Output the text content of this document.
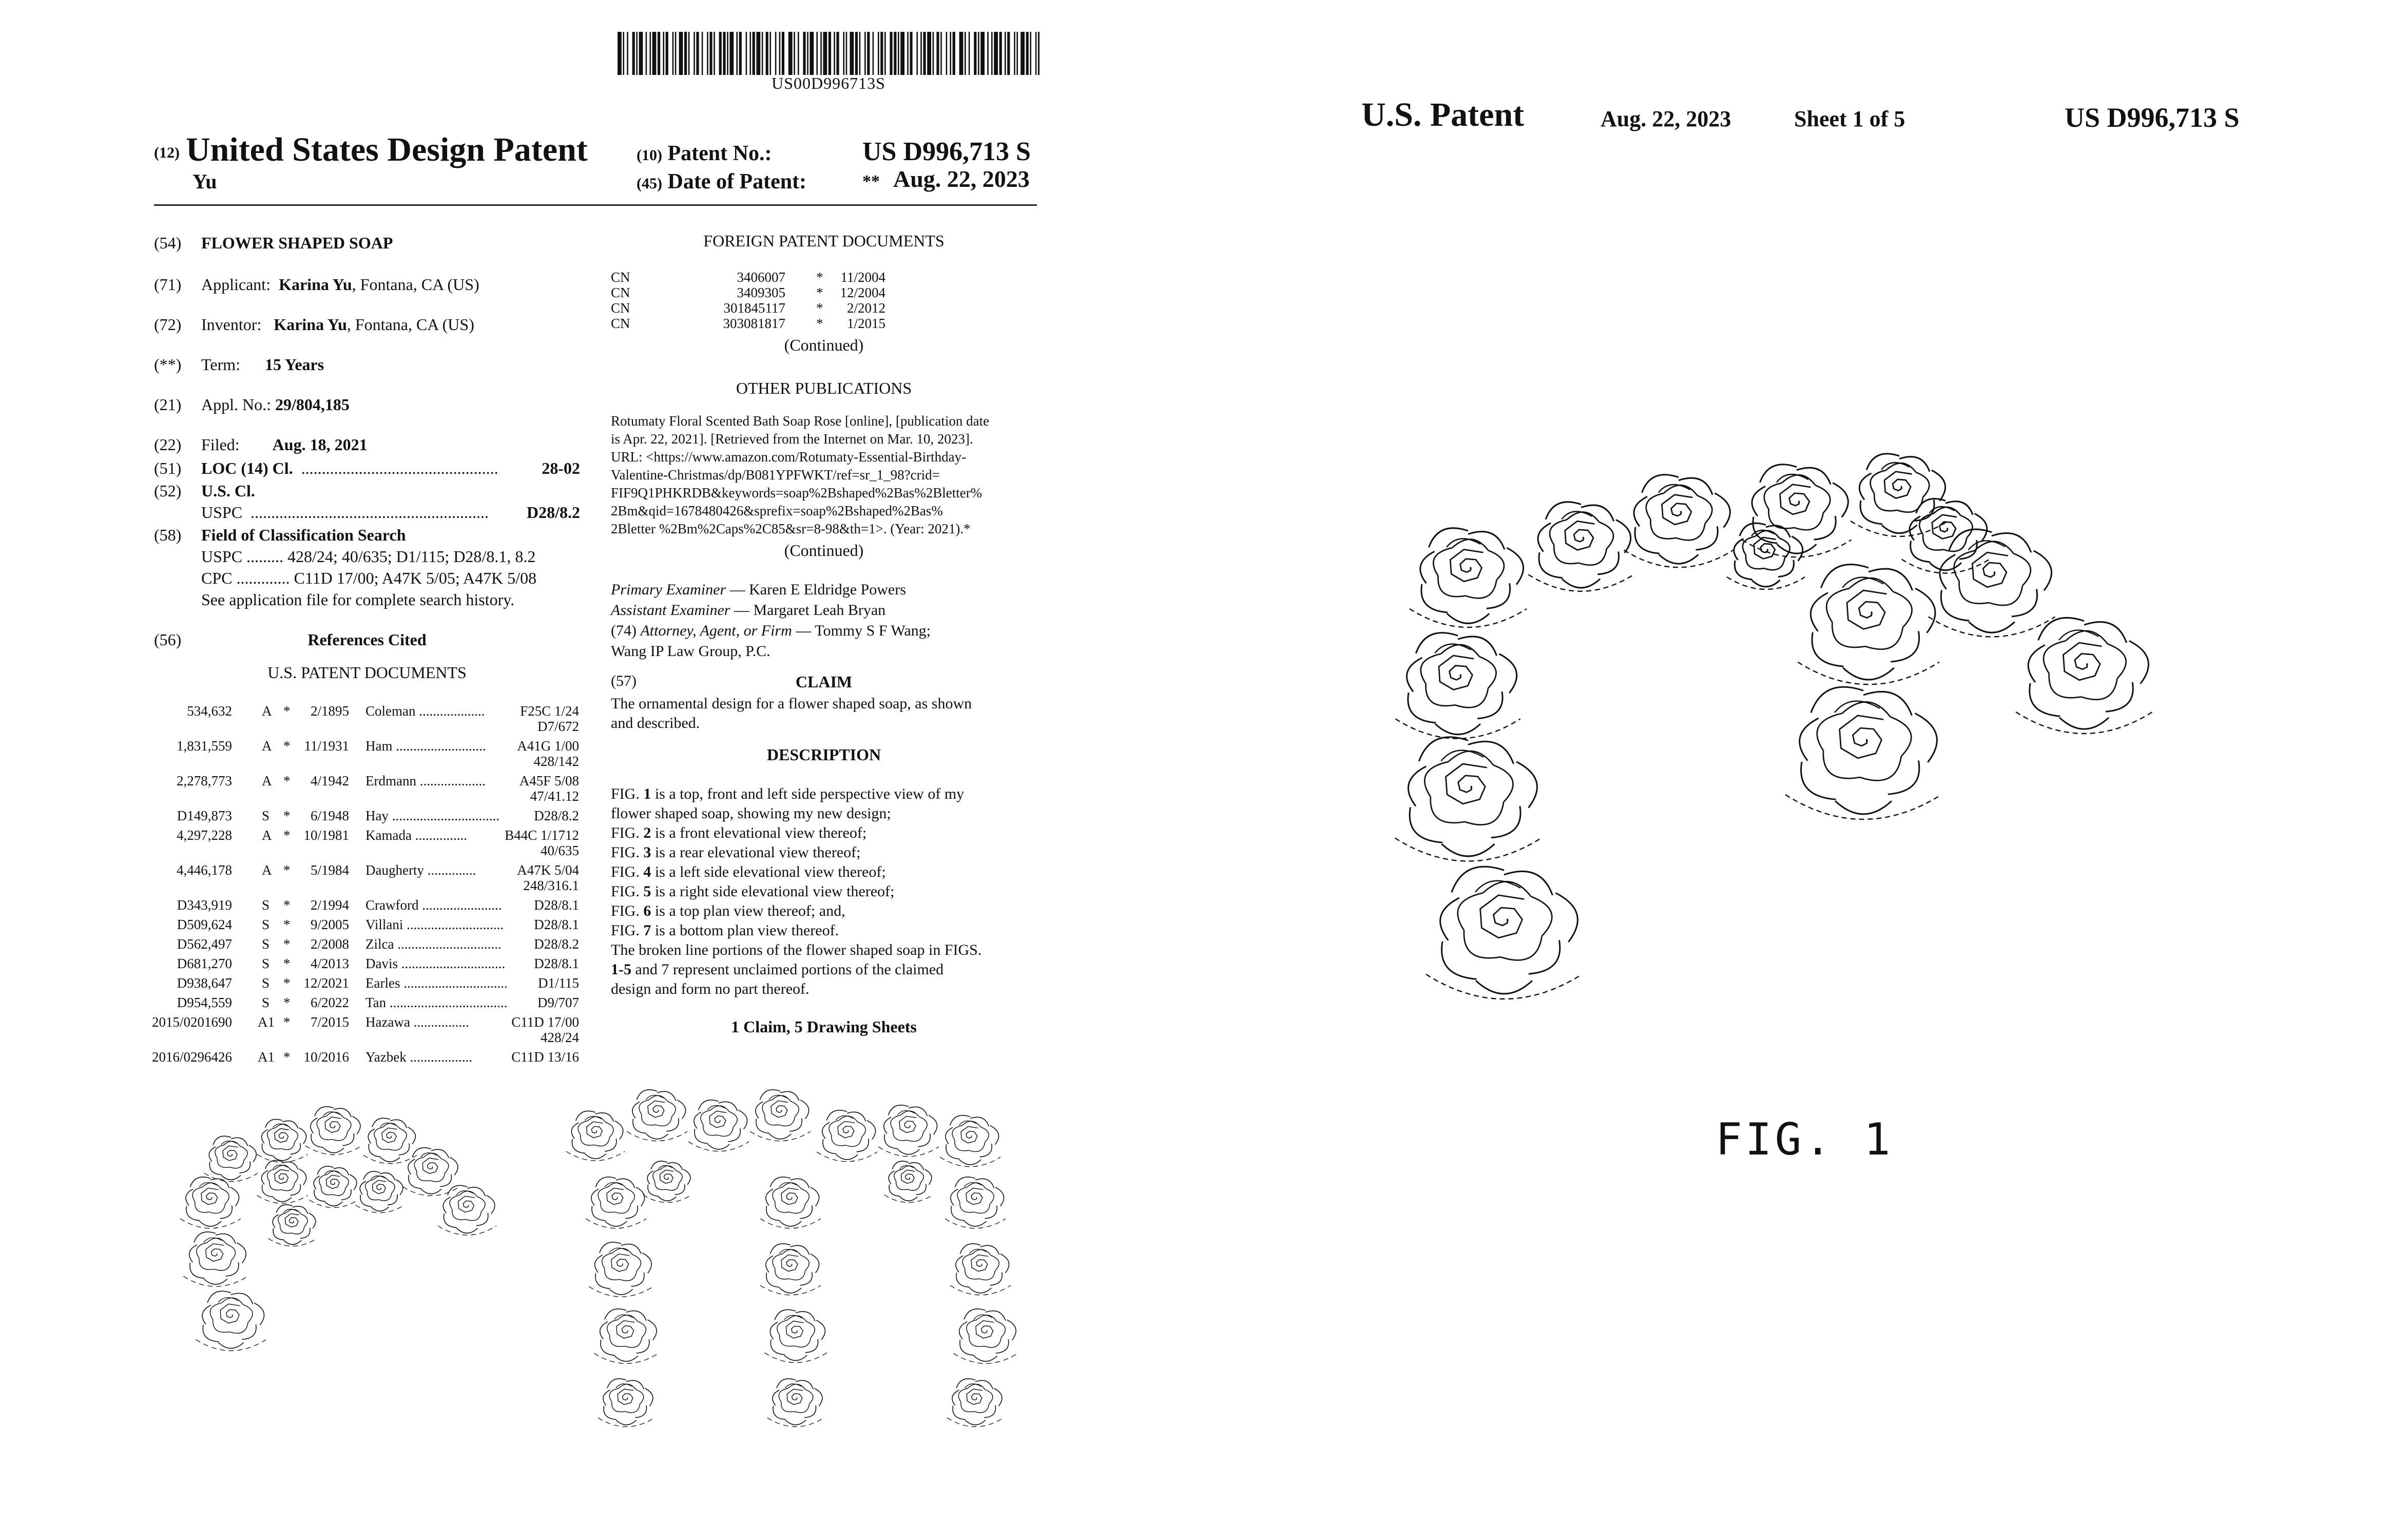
US00D996713S
(12) United States Design Patent
Yu
(10) Patent No.:	US D996,713 S
(45) Date of Patent:	** Aug. 22, 2023
(54) FLOWER SHAPED SOAP
(71) Applicant: Karina Yu, Fontana, CA (US)
(72) Inventor: Karina Yu, Fontana, CA (US)
(**) Term: 15 Years
(21) Appl. No.: 29/804,185
(22) Filed: Aug. 18, 2021
(51) LOC (14) Cl. ................................................	28-02
(52) U.S. Cl.
USPC .......................................................... D28/8.2
(58) Field of Classification Search
USPC ......... 428/24; 40/635; D1/115; D28/8.1, 8.2
CPC ............. C11D 17/00; A47K 5/05; A47K 5/08
See application file for complete search history.
(56)	References Cited
U.S. PATENT DOCUMENTS
534,632 A * 2/1895 Coleman ...................	F25C 1/24
D7/672
1,831,559 A * 11/1931 Ham .......................... A41G 1/00
428/142
2,278,773 A * 4/1942 Erdmann ................... A45F 5/08
47/41.12
D149,873 S * 6/1948 Hay ............................... D28/8.2
4,297,228 A * 10/1981 Kamada ...............	B44C 1/1712
40/635
4,446,178 A * 5/1984 Daugherty ..............	A47K 5/04
248/316.1
D343,919 S * 2/1994 Crawford ....................... D28/8.1
D509,624 S * 9/2005 Villani ............................ D28/8.1
D562,497 S * 2/2008 Zilca .............................. D28/8.2
D681,270 S * 4/2013 Davis .............................. D28/8.1
D938,647 S * 12/2021 Earles .............................. D1/115
D954,559 S * 6/2022 Tan .................................. D9/707
2015/0201690 A1 * 7/2015 Hazawa ................	C11D 17/00
428/24
2016/0296426 A1 * 10/2016 Yazbek ..................	C11D 13/16
FOREIGN PATENT DOCUMENTS
CN	3406007 * 11/2004
CN	3409305 * 12/2004
CN	301845117 * 2/2012
CN	303081817 * 1/2015
(Continued)
OTHER PUBLICATIONS
Rotumaty Floral Scented Bath Soap Rose [online], [publication date
is Apr. 22, 2021]. [Retrieved from the Internet on Mar. 10, 2023].
URL: <https://www.amazon.com/Rotumaty-Essential-Birthday-
Valentine-Christmas/dp/B081YPFWKT/ref=sr_1_98?crid=
FIF9Q1PHKRDB&keywords=soap%2Bshaped%2Bas%2Bletter%
2Bm&qid=1678480426&sprefix=soap%2Bshaped%2Bas%
2Bletter %2Bm%2Caps%2C85&sr=8-98&th=1>. (Year: 2021).*
(Continued)
Primary Examiner — Karen E Eldridge Powers
Assistant Examiner — Margaret Leah Bryan
(74) Attorney, Agent, or Firm — Tommy S F Wang;
Wang IP Law Group, P.C.
(57)	CLAIM
The ornamental design for a flower shaped soap, as shown
and described.
DESCRIPTION
FIG. 1 is a top, front and left side perspective view of my
flower shaped soap, showing my new design;
FIG. 2 is a front elevational view thereof;
FIG. 3 is a rear elevational view thereof;
FIG. 4 is a left side elevational view thereof;
FIG. 5 is a right side elevational view thereof;
FIG. 6 is a top plan view thereof; and,
FIG. 7 is a bottom plan view thereof.
The broken line portions of the flower shaped soap in FIGS.
1-5 and 7 represent unclaimed portions of the claimed
design and form no part thereof.
1 Claim, 5 Drawing Sheets
U.S. Patent	Aug. 22, 2023	Sheet 1 of 5	US D996,713 S
FIG. 1
